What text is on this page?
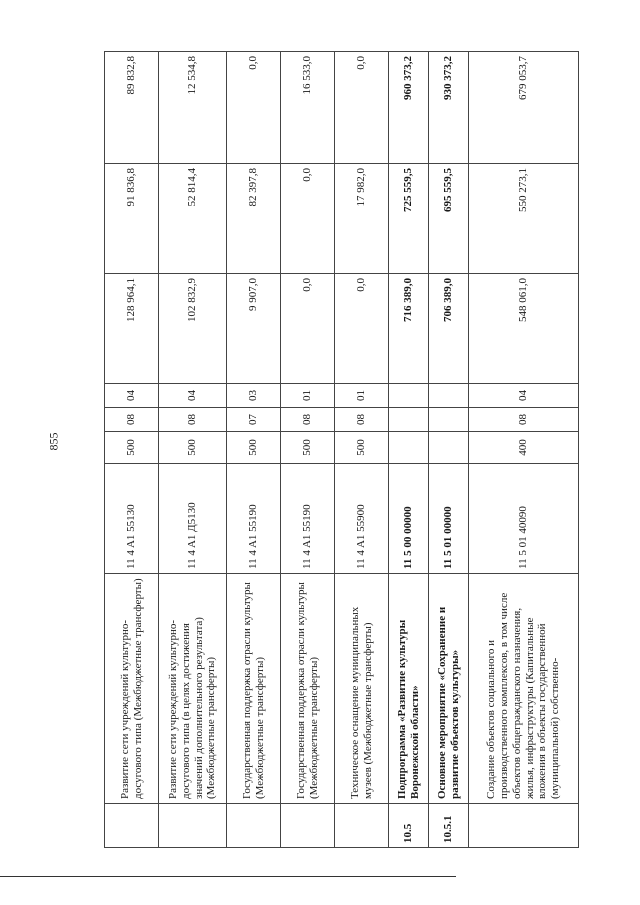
855
	Развитие сети учреждений культурно-досугового типа (Межбюджетные трансферты)	11 4 A1 55130	500	08	04	128 964,1	91 836,8	89 832,8
	Развитие сети учреждений культурно-досугового типа (в целях достижения значений дополнительного результата) (Межбюджетные трансферты)	11 4 A1 Д5130	500	08	04	102 832,9	52 814,4	12 534,8
	Государственная поддержка отрасли культуры (Межбюджетные трансферты)	11 4 A1 55190	500	07	03	9 907,0	82 397,8	0,0
	Государственная поддержка отрасли культуры (Межбюджетные трансферты)	11 4 A1 55190	500	08	01	0,0	0,0	16 533,0
	Техническое оснащение муниципальных музеев (Межбюджетные трансферты)	11 4 A1 55900	500	08	01	0,0	17 982,0	0,0
10.5	Подпрограмма «Развитие культуры Воронежской области»	11 5 00 00000				716 389,0	725 559,5	960 373,2
10.5.1	Основное мероприятие «Сохранение и развитие объектов культуры»	11 5 01 00000				706 389,0	695 559,5	930 373,2
	Создание объектов социального и производственного комплексов, в том числе объектов общегражданского назначения, жилья, инфраструктуры (Капитальные вложения в объекты государственной (муниципальной) собственно-	11 5 01 40090	400	08	04	548 061,0	550 273,1	679 053,7
